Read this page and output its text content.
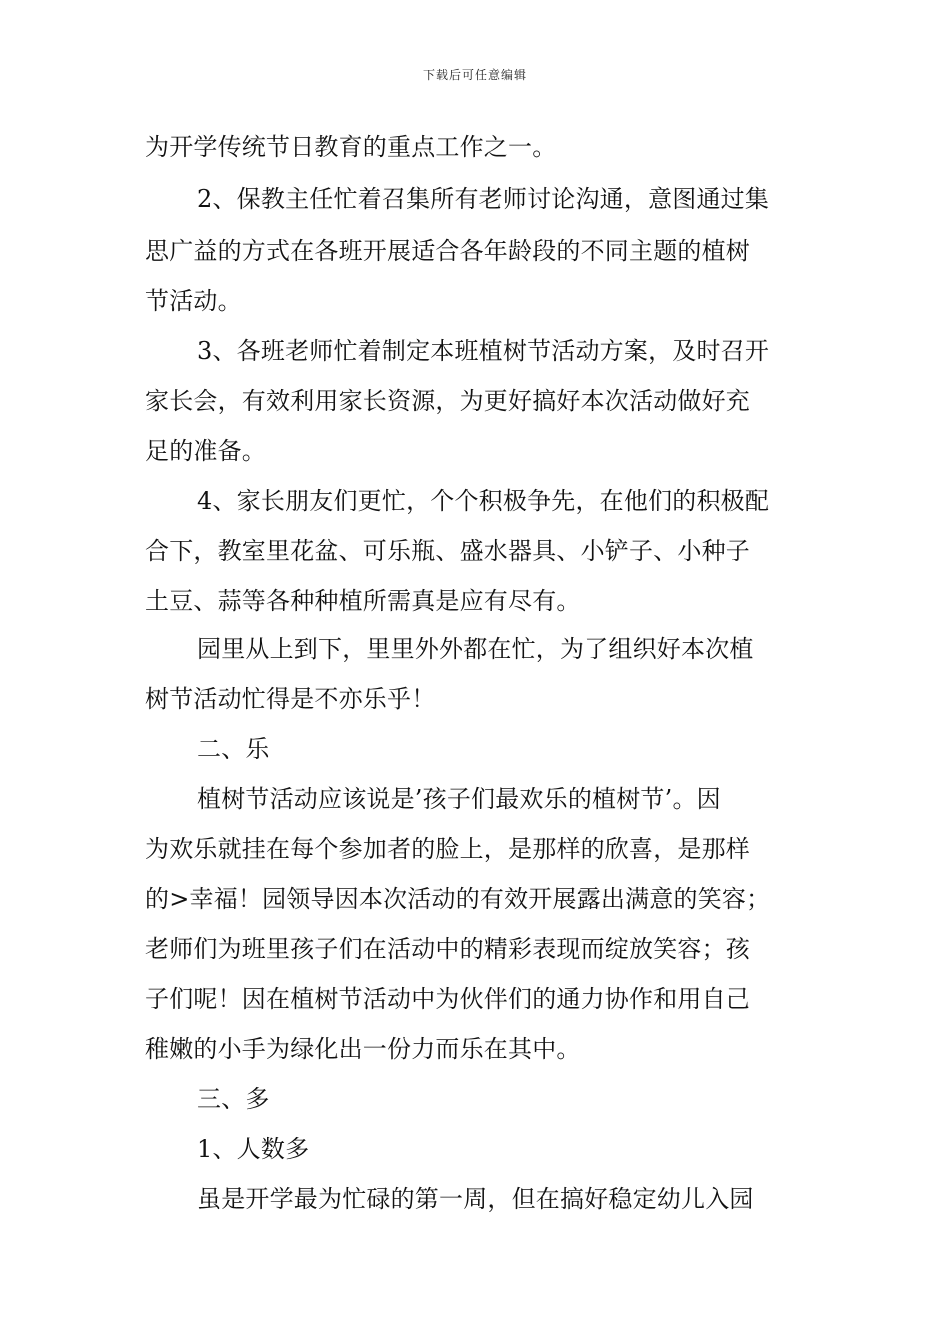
下载后可任意编辑
为开学传统节日教育的重点工作之一。
2、保教主任忙着召集所有老师讨论沟通，意图通过集
思广益的方式在各班开展适合各年龄段的不同主题的植树
节活动。
3、各班老师忙着制定本班植树节活动方案，及时召开
家长会，有效利用家长资源，为更好搞好本次活动做好充
足的准备。
4、家长朋友们更忙，个个积极争先，在他们的积极配
合下，教室里花盆、可乐瓶、盛水器具、小铲子、小种子
土豆、蒜等各种种植所需真是应有尽有。
园里从上到下，里里外外都在忙，为了组织好本次植
树节活动忙得是不亦乐乎！
二、乐
植树节活动应该说是’孩子们最欢乐的植树节’。因
为欢乐就挂在每个参加者的脸上，是那样的欣喜，是那样
的>幸福！园领导因本次活动的有效开展露出满意的笑容；
老师们为班里孩子们在活动中的精彩表现而绽放笑容；孩
子们呢！因在植树节活动中为伙伴们的通力协作和用自己
稚嫩的小手为绿化出一份力而乐在其中。
三、多
1、人数多
虽是开学最为忙碌的第一周，但在搞好稳定幼儿入园
